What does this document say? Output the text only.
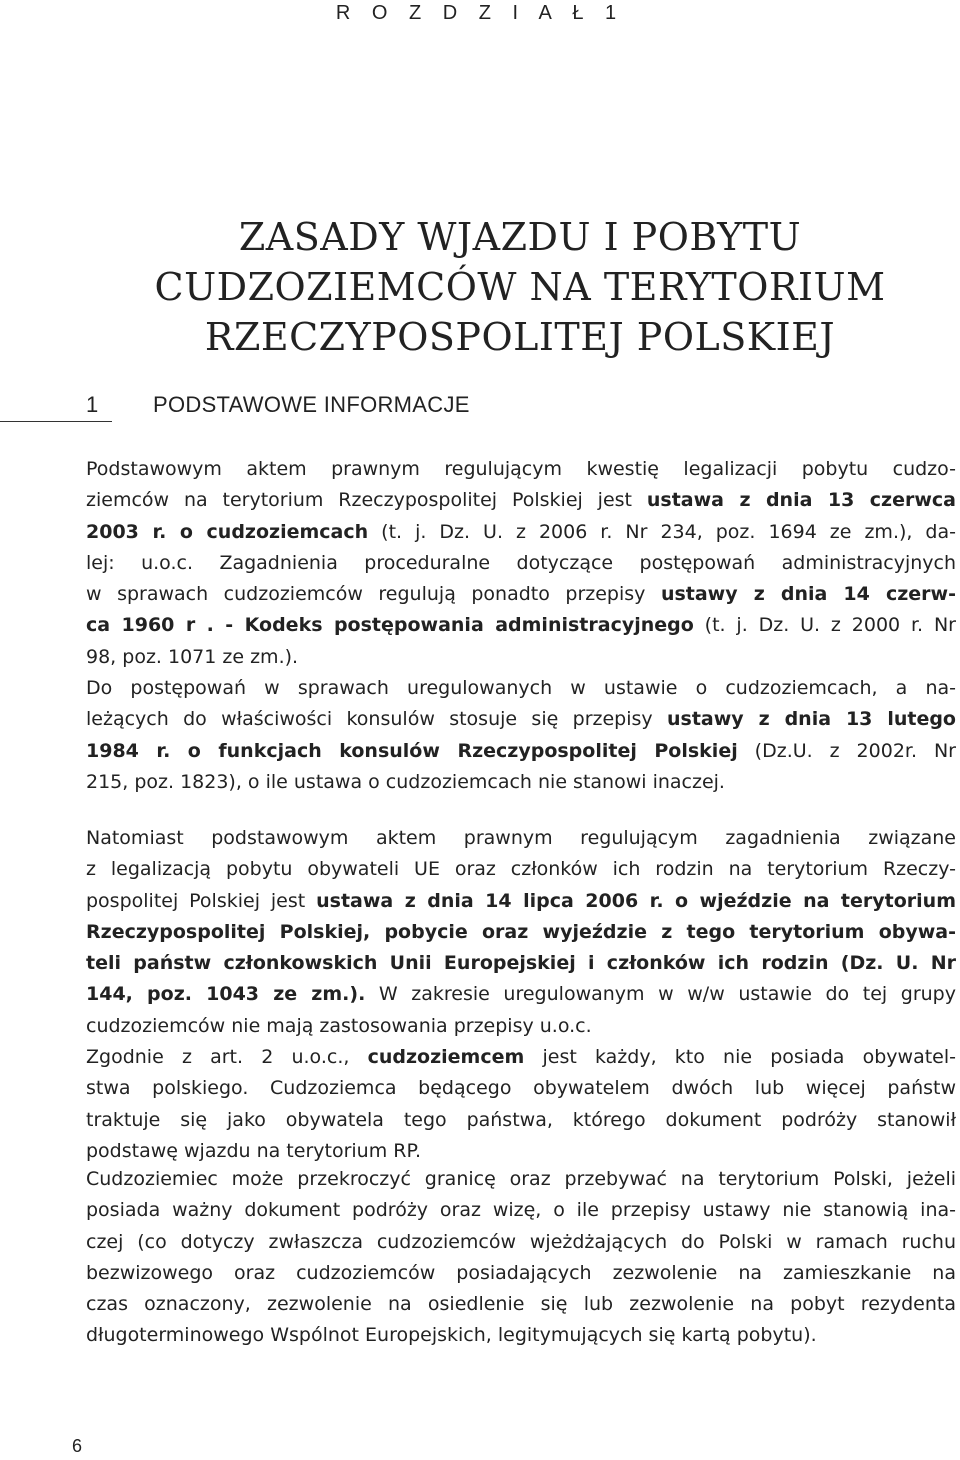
R O Z D Z I A Ł 1
ZASADY WJAZDU I POBYTU
CUDZOZIEMCÓW NA TERYTORIUM
RZECZYPOSPOLITEJ POLSKIEJ
1 PODSTAWOWE INFORMACJE
Podstawowym aktem prawnym regulującym kwestię legalizacji pobytu cudzo-
ziemców na terytorium Rzeczypospolitej Polskiej jest ustawa z dnia 13 czerwca
2003 r. o cudzoziemcach (t. j. Dz. U. z 2006 r. Nr 234, poz. 1694 ze zm.), da-
lej: u.o.c. Zagadnienia proceduralne dotyczące postępowań administracyjnych
w sprawach cudzoziemców regulują ponadto przepisy ustawy z dnia 14 czerw-
ca 1960 r . - Kodeks postępowania administracyjnego (t. j. Dz. U. z 2000 r. Nr
98, poz. 1071 ze zm.).
Do postępowań w sprawach uregulowanych w ustawie o cudzoziemcach, a na-
leżących do właściwości konsulów stosuje się przepisy ustawy z dnia 13 lutego
1984 r. o funkcjach konsulów Rzeczypospolitej Polskiej (Dz.U. z 2002r. Nr
215, poz. 1823), o ile ustawa o cudzoziemcach nie stanowi inaczej.
Natomiast podstawowym aktem prawnym regulującym zagadnienia związane
z legalizacją pobytu obywateli UE oraz członków ich rodzin na terytorium Rzeczy-
pospolitej Polskiej jest ustawa z dnia 14 lipca 2006 r. o wjeździe na terytorium
Rzeczypospolitej Polskiej, pobycie oraz wyjeździe z tego terytorium obywa-
teli państw członkowskich Unii Europejskiej i członków ich rodzin (Dz. U. Nr
144, poz. 1043 ze zm.). W zakresie uregulowanym w w/w ustawie do tej grupy
cudzoziemców nie mają zastosowania przepisy u.o.c.
Zgodnie z art. 2 u.o.c., cudzoziemcem jest każdy, kto nie posiada obywatel-
stwa polskiego. Cudzoziemca będącego obywatelem dwóch lub więcej państw
traktuje się jako obywatela tego państwa, którego dokument podróży stanowił
podstawę wjazdu na terytorium RP.
Cudzoziemiec może przekroczyć granicę oraz przebywać na terytorium Polski, jeżeli
posiada ważny dokument podróży oraz wizę, o ile przepisy ustawy nie stanowią ina-
czej (co dotyczy zwłaszcza cudzoziemców wjeżdżających do Polski w ramach ruchu
bezwizowego oraz cudzoziemców posiadających zezwolenie na zamieszkanie na
czas oznaczony, zezwolenie na osiedlenie się lub zezwolenie na pobyt rezydenta
długoterminowego Wspólnot Europejskich, legitymujących się kartą pobytu).
6
